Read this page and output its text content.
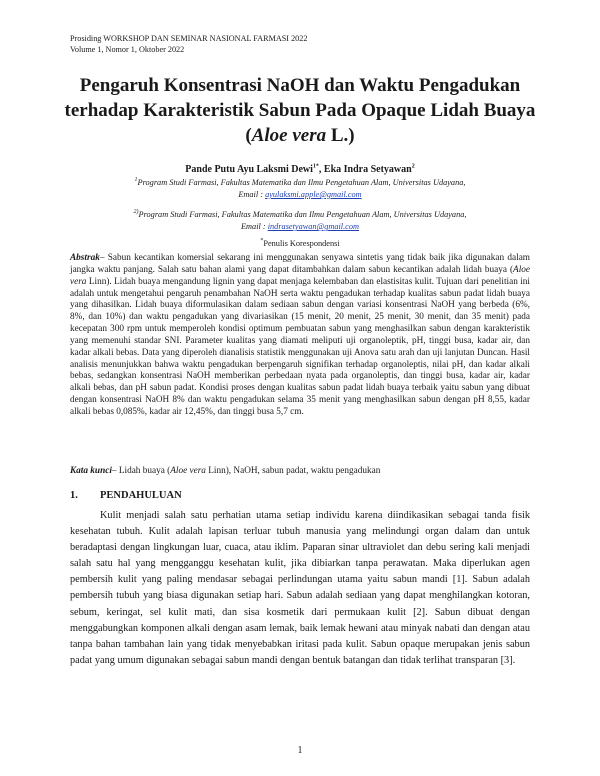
Prosiding WORKSHOP DAN SEMINAR NASIONAL FARMASI 2022
Volume 1, Nomor 1, Oktober 2022
Pengaruh Konsentrasi NaOH dan Waktu Pengadukan terhadap Karakteristik Sabun Pada Opaque Lidah Buaya (Aloe vera L.)
Pande Putu Ayu Laksmi Dewi$^{1*}$, Eka Indra Setyawan$^2$
$^1$Program Studi Farmasi, Fakultas Matematika dan Ilmu Pengetahuan Alam, Universitas Udayana,
Email : ayulaksmi.apple@gmail.com
$^{2)}$Program Studi Farmasi, Fakultas Matematika dan Ilmu Pengetahuan Alam, Universitas Udayana,
Email : indrasetyawan@gmail.com
*Penulis Korespondensi
Abstrak– Sabun kecantikan komersial sekarang ini menggunakan senyawa sintetis yang tidak baik jika digunakan dalam jangka waktu panjang. Salah satu bahan alami yang dapat ditambahkan dalam sabun kecantikan adalah lidah buaya (Aloe vera Linn). Lidah buaya mengandung lignin yang dapat menjaga kelembaban dan elastisitas kulit. Tujuan dari penelitian ini adalah untuk mengetahui pengaruh penambahan NaOH serta waktu pengadukan terhadap kualitas sabun padat lidah buaya yang dihasilkan. Lidah buaya diformulasikan dalam sediaan sabun dengan variasi konsentrasi NaOH yang berbeda (6%, 8%, dan 10%) dan waktu pengadukan yang divariasikan (15 menit, 20 menit, 25 menit, 30 menit, dan 35 menit) pada kecepatan 300 rpm untuk memperoleh kondisi optimum pembuatan sabun yang menghasilkan sabun dengan karakteristik yang memenuhi standar SNI. Parameter kualitas yang diamati meliputi uji organoleptik, pH, tinggi busa, kadar air, dan kadar alkali bebas. Data yang diperoleh dianalisis statistik menggunakan uji Anova satu arah dan uji lanjutan Duncan. Hasil analisis menunjukkan bahwa waktu pengadukan berpengaruh signifikan terhadap organoleptis, nilai pH, dan kadar alkali bebas, sedangkan konsentrasi NaOH memberikan perbedaan nyata pada organoleptis, dan tinggi busa, kadar air, kadar alkali bebas, dan pH sabun padat. Kondisi proses dengan kualitas sabun padat lidah buaya terbaik yaitu sabun yang dibuat dengan konsentrasi NaOH 8% dan waktu pengadukan selama 35 menit yang menghasilkan sabun dengan pH 8,55, kadar alkali bebas 0,085%, kadar air 12,45%, dan tinggi busa 5,7 cm.
Kata kunci– Lidah buaya (Aloe vera Linn), NaOH, sabun padat, waktu pengadukan
1. PENDAHULUAN
Kulit menjadi salah satu perhatian utama setiap individu karena diindikasikan sebagai tanda fisik kesehatan tubuh. Kulit adalah lapisan terluar tubuh manusia yang melindungi organ dalam dan untuk beradaptasi dengan lingkungan luar, cuaca, atau iklim. Paparan sinar ultraviolet dan debu sering kali menjadi salah satu hal yang mengganggu kesehatan kulit, jika dibiarkan tanpa perawatan. Maka diperlukan agen pembersih kulit yang paling mendasar sebagai perlindungan utama yaitu sabun mandi [1]. Sabun adalah pembersih tubuh yang biasa digunakan setiap hari. Sabun adalah sediaan yang dapat menghilangkan kotoran, sebum, keringat, sel kulit mati, dan sisa kosmetik dari permukaan kulit [2]. Sabun dibuat dengan menggabungkan komponen alkali dengan asam lemak, baik lemak hewani atau minyak nabati dan dengan atau tanpa bahan tambahan lain yang tidak menyebabkan iritasi pada kulit. Sabun opaque merupakan jenis sabun padat yang umum digunakan sebagai sabun mandi dengan bentuk batangan dan tidak terlihat transparan [3].
1
